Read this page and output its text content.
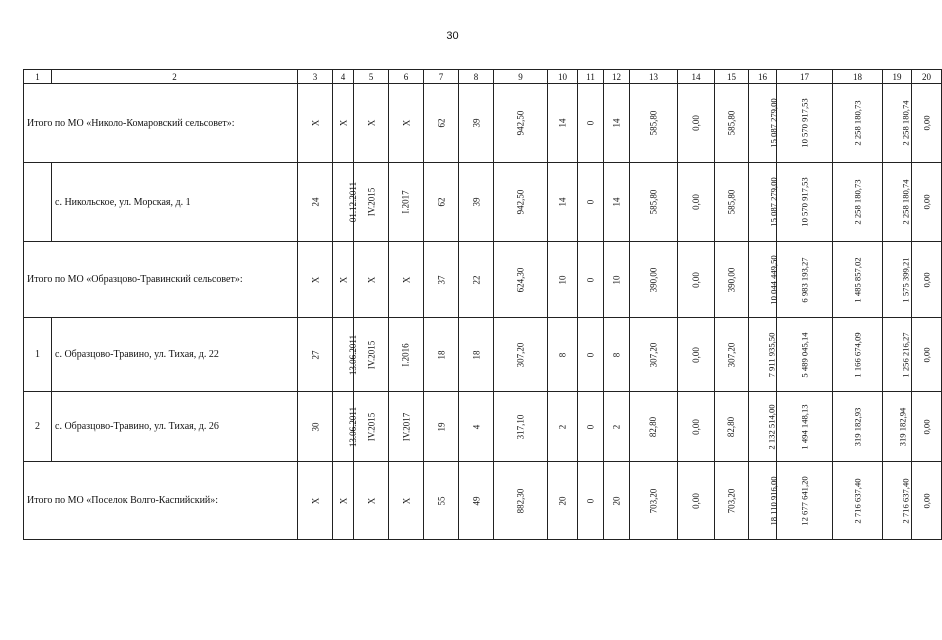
30
1	2	3	4	5	6	7	8	9	10	11	12	13	14	15	16	17	18	19	20
Итого по МО «Николо-Комаровский сельсовет»:		Х	Х	Х	Х	62	39	942,50	14	0	14	585,80	0,00	585,80	15 087 279,00	10 570 917,53	2 258 180,73	2 258 180,74	0,00
	с. Никольское, ул. Морская, д. 1	24	01.12.2011	IV.2015	I.2017	62	39	942,50	14	0	14	585,80	0,00	585,80	15 087 279,00	10 570 917,53	2 258 180,73	2 258 180,74	0,00
Итого по МО «Образцово-Травинский сельсовет»:		Х	Х	Х	Х	37	22	624,30	10	0	10	390,00	0,00	390,00	10 044 449,50	6 983 193,27	1 485 857,02	1 575 399,21	0,00
1	с. Образцово-Травино, ул. Тихая, д. 22	27	13.06.2011	IV.2015	I.2016	18	18	307,20	8	0	8	307,20	0,00	307,20	7 911 935,50	5 489 045,14	1 166 674,09	1 256 216,27	0,00
2	с. Образцово-Травино, ул. Тихая, д. 26	30	13.06.2011	IV.2015	IV.2017	19	4	317,10	2	0	2	82,80	0,00	82,80	2 132 514,00	1 494 148,13	319 182,93	319 182,94	0,00
Итого по МО «Поселок Волго-Каспийский»:		Х	Х	Х	Х	55	49	882,30	20	0	20	703,20	0,00	703,20	18 110 916,00	12 677 641,20	2 716 637,40	2 716 637,40	0,00
